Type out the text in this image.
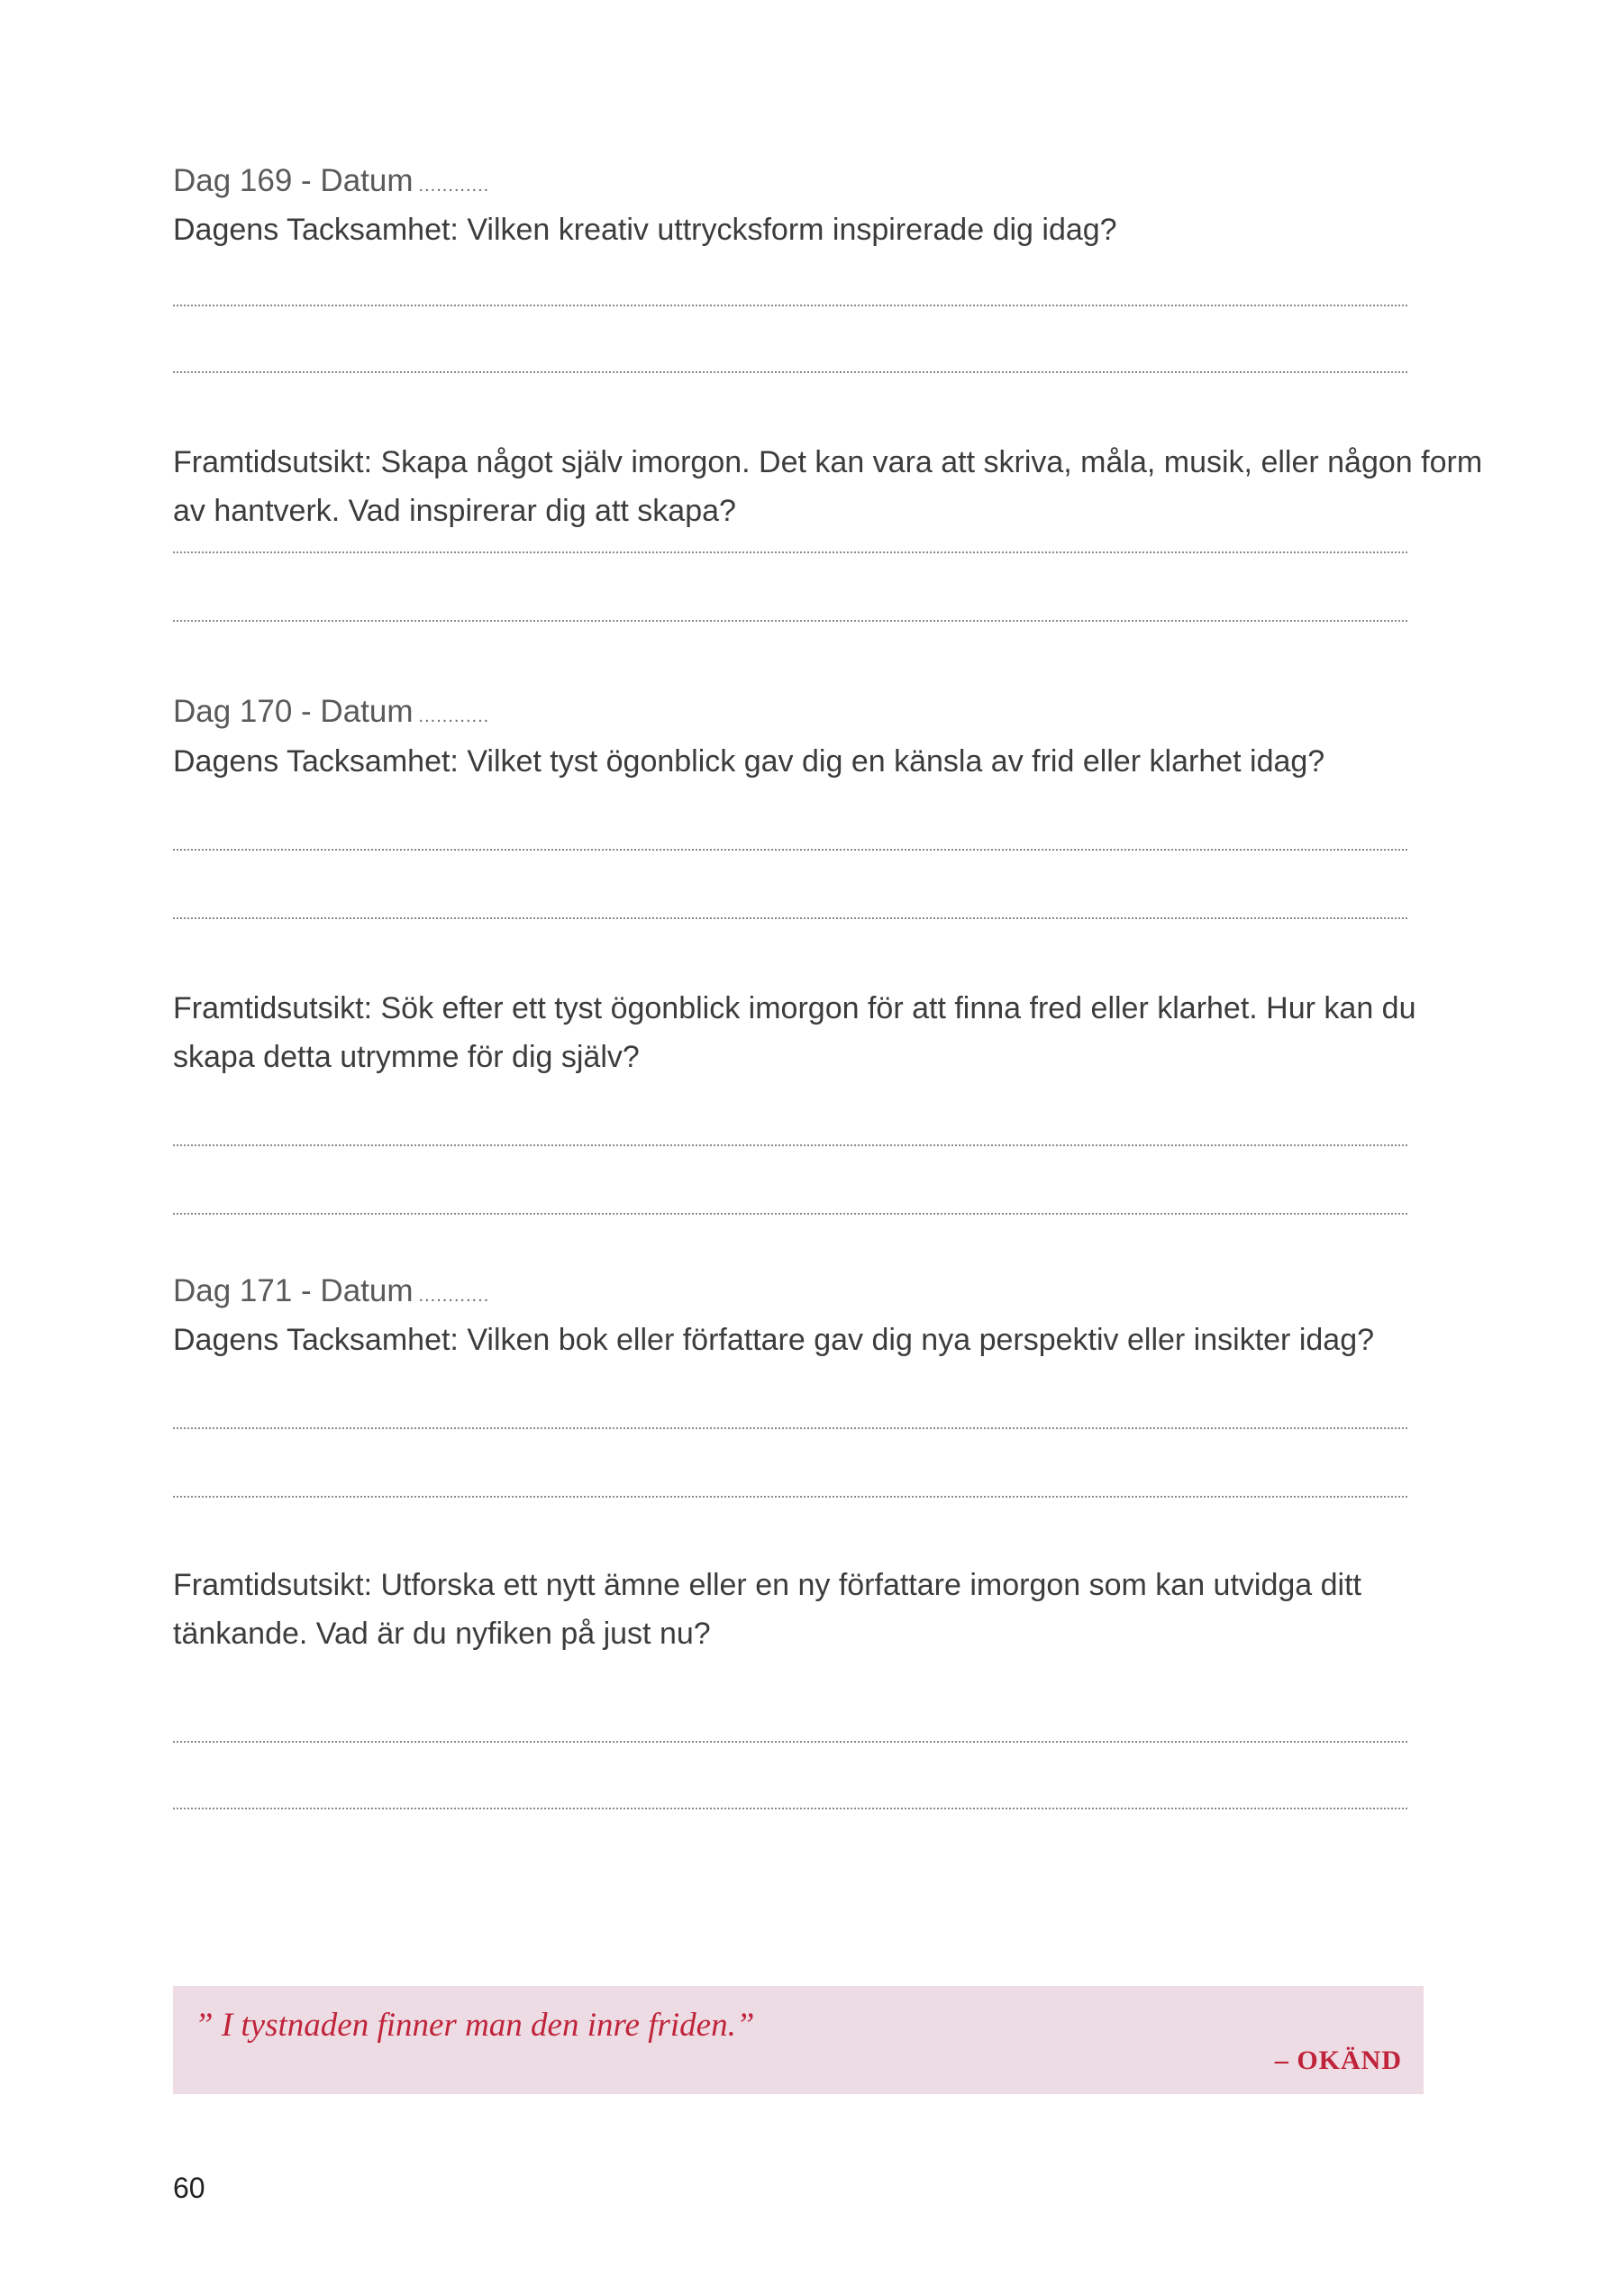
Dag 169 - Datum ............
Dagens Tacksamhet: Vilken kreativ uttrycksform inspirerade dig idag?
Framtidsutsikt: Skapa något själv imorgon. Det kan vara att skriva, måla, musik, eller någon form
av hantverk. Vad inspirerar dig att skapa?
Dag 170 - Datum ............
Dagens Tacksamhet: Vilket tyst ögonblick gav dig en känsla av frid eller klarhet idag?
Framtidsutsikt: Sök efter ett tyst ögonblick imorgon för att finna fred eller klarhet. Hur kan du
skapa detta utrymme för dig själv?
Dag 171 - Datum ............
Dagens Tacksamhet: Vilken bok eller författare gav dig nya perspektiv eller insikter idag?
Framtidsutsikt: Utforska ett nytt ämne eller en ny författare imorgon som kan utvidga ditt
tänkande. Vad är du nyfiken på just nu?
” I tystnaden finner man den inre friden.”
– OKÄND
60
